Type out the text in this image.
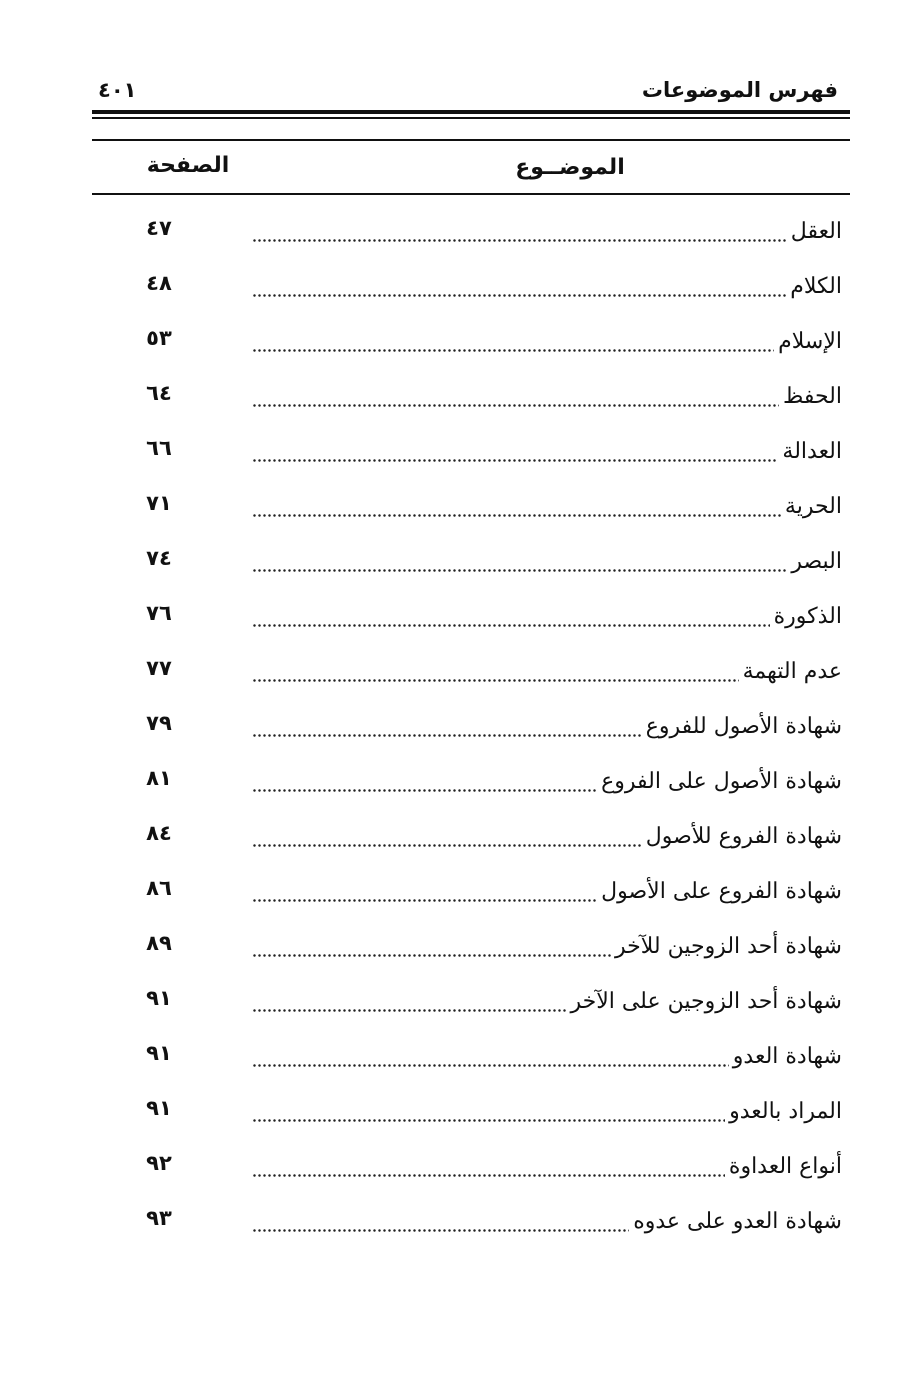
فهرس الموضوعات
٤٠١
الموضــوع
الصفحة
العقل
٤٧
الكلام
٤٨
الإسلام
٥٣
الحفظ
٦٤
العدالة
٦٦
الحرية
٧١
البصر
٧٤
الذكورة
٧٦
عدم التهمة
٧٧
شهادة الأصول للفروع
٧٩
شهادة الأصول على الفروع
٨١
شهادة الفروع للأصول
٨٤
شهادة الفروع على الأصول
٨٦
شهادة أحد الزوجين للآخر
٨٩
شهادة أحد الزوجين على الآخر
٩١
شهادة العدو
٩١
المراد بالعدو
٩١
أنواع العداوة
٩٢
شهادة العدو على عدوه
٩٣
